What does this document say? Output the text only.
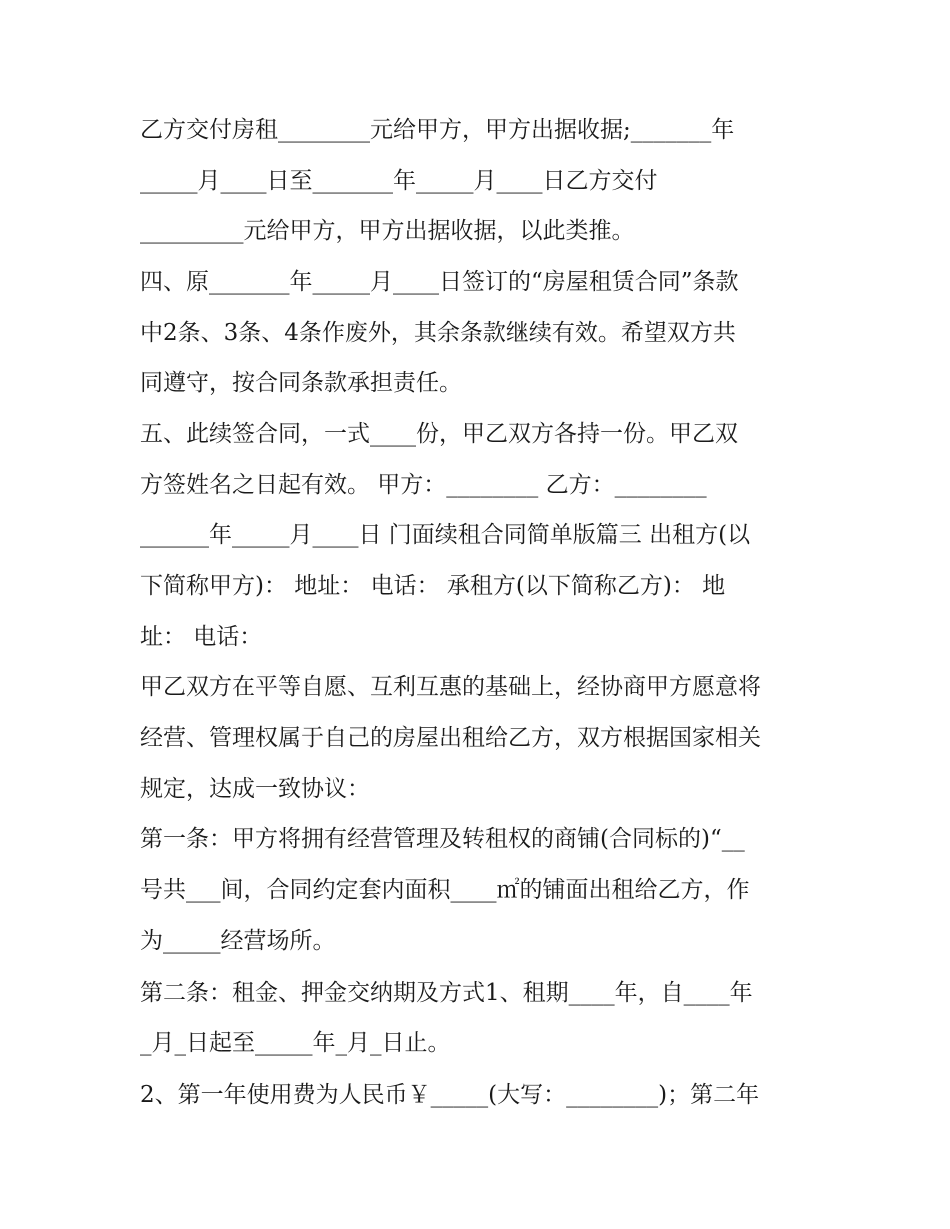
乙方交付房租________元给甲方，甲方出据收据;_______年
_____月____日至_______年_____月____日乙方交付
_________元给甲方，甲方出据收据，以此类推。
四、原_______年_____月____日签订的“房屋租赁合同”条款
中2条、3条、4条作废外，其余条款继续有效。希望双方共
同遵守，按合同条款承担责任。
五、此续签合同，一式____份，甲乙双方各持一份。甲乙双
方签姓名之日起有效。 甲方：________ 乙方：________
______年_____月____日 门面续租合同简单版篇三 出租方(以
下简称甲方)： 地址： 电话： 承租方(以下简称乙方)： 地
址： 电话：
甲乙双方在平等自愿、互利互惠的基础上，经协商甲方愿意将
经营、管理权属于自己的房屋出租给乙方，双方根据国家相关
规定，达成一致协议：
第一条：甲方将拥有经营管理及转租权的商铺(合同标的)“__
号共___间，合同约定套内面积____㎡的铺面出租给乙方，作
为_____经营场所。
第二条：租金、押金交纳期及方式1、租期____年，自____年
_月_日起至_____年_月_日止。
2、第一年使用费为人民币￥_____(大写：________)；第二年
